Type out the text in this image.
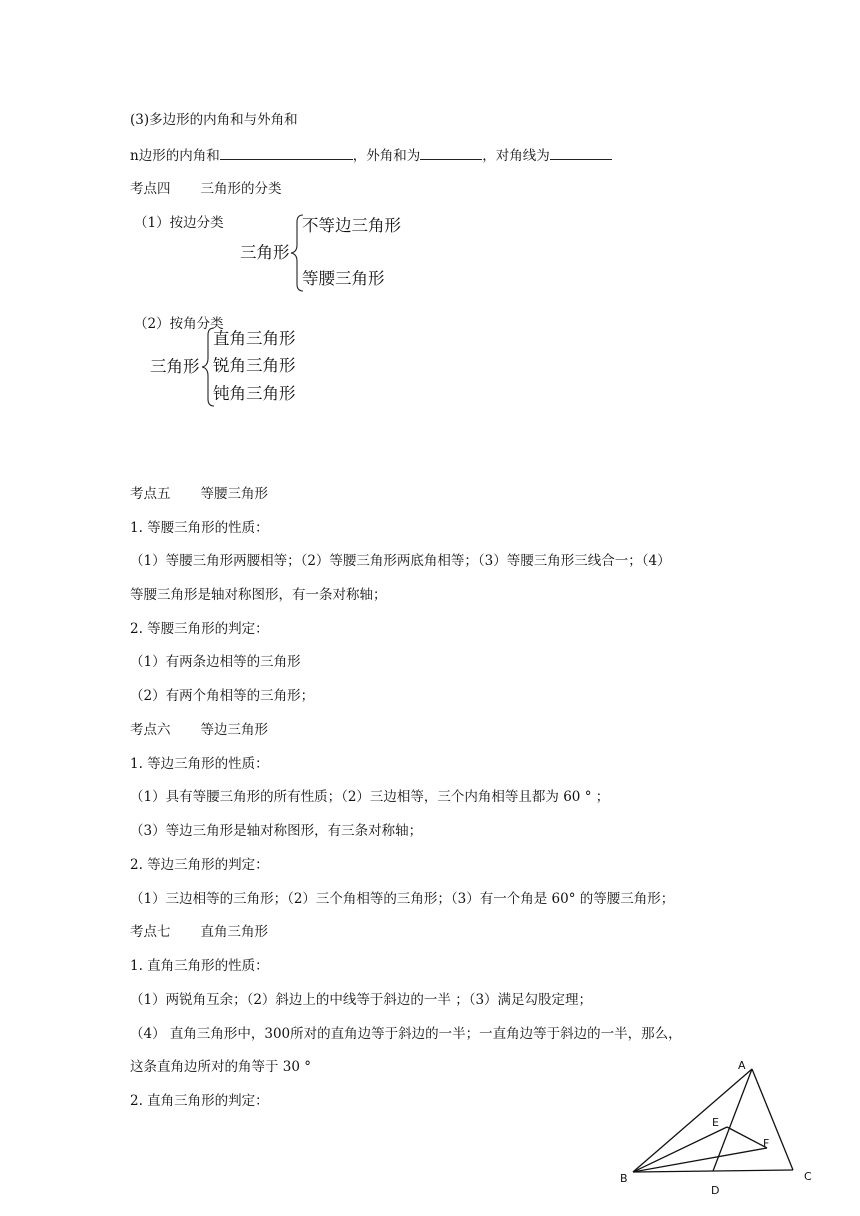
(3)多边形的内角和与外角和
n边形的内角和	，外角和为	，对角线为
考点四 三角形的分类
（1）按边分类
三角形
不等边三角形
等腰三角形
（2）按角分类
三角形
直角三角形
锐角三角形
钝角三角形
考点五 等腰三角形
1. 等腰三角形的性质：
（1）等腰三角形两腰相等；（2）等腰三角形两底角相等；（3）等腰三角形三线合一；（4）
等腰三角形是轴对称图形，有一条对称轴；
2. 等腰三角形的判定：
（1）有两条边相等的三角形
（2）有两个角相等的三角形；
考点六 等边三角形
1. 等边三角形的性质：
（1）具有等腰三角形的所有性质；（2）三边相等，三个内角相等且都为 60 ° ；
（3）等边三角形是轴对称图形，有三条对称轴；
2. 等边三角形的判定：
（1）三边相等的三角形；（2）三个角相等的三角形；（3）有一个角是 60° 的等腰三角形；
考点七 直角三角形
1. 直角三角形的性质：
（1）两锐角互余；（2）斜边上的中线等于斜边的一半 ；（3）满足勾股定理；
（4） 直角三角形中，300所对的直角边等于斜边的一半；一直角边等于斜边的一半，那么，
这条直角边所对的角等于 30 °
2. 直角三角形的判定：
A
B	C
D
E
F
